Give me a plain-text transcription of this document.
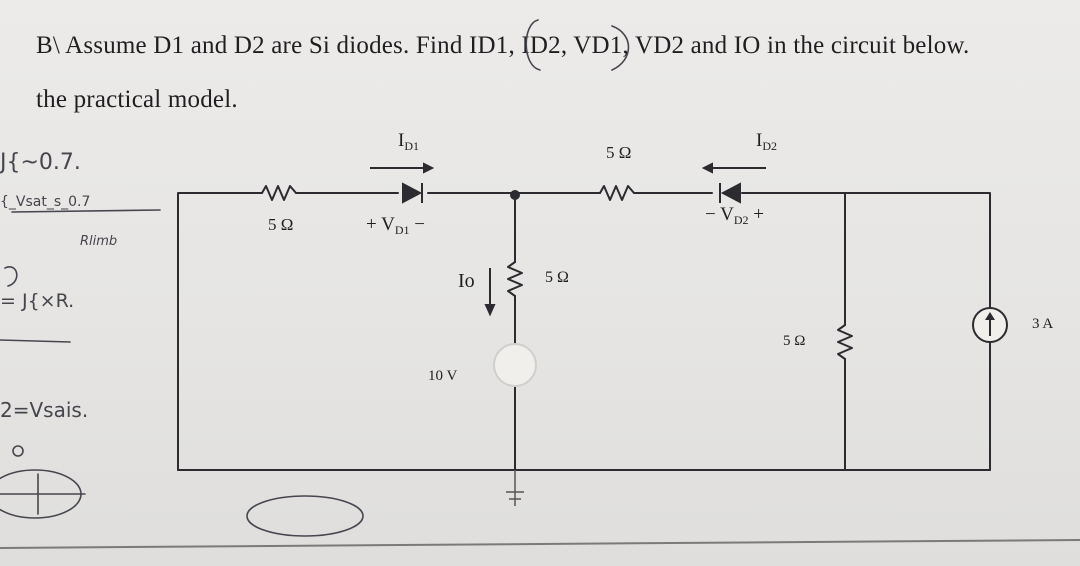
B\ Assume D1 and D2 are Si diodes. Find ID1, ID2, VD1, VD2 and IO in the circuit below.
the practical model.
$I_{D1}$	$I_{D2}$
5 Ω
5 Ω
5 Ω
5 Ω
+ $V_{D1}$ −	− $V_{D2}$ +
Io
10 V
3 A
J{~0.7.
{_Vsat_s_0.7
Rlimb
= J{×R.
2=Vsais.
